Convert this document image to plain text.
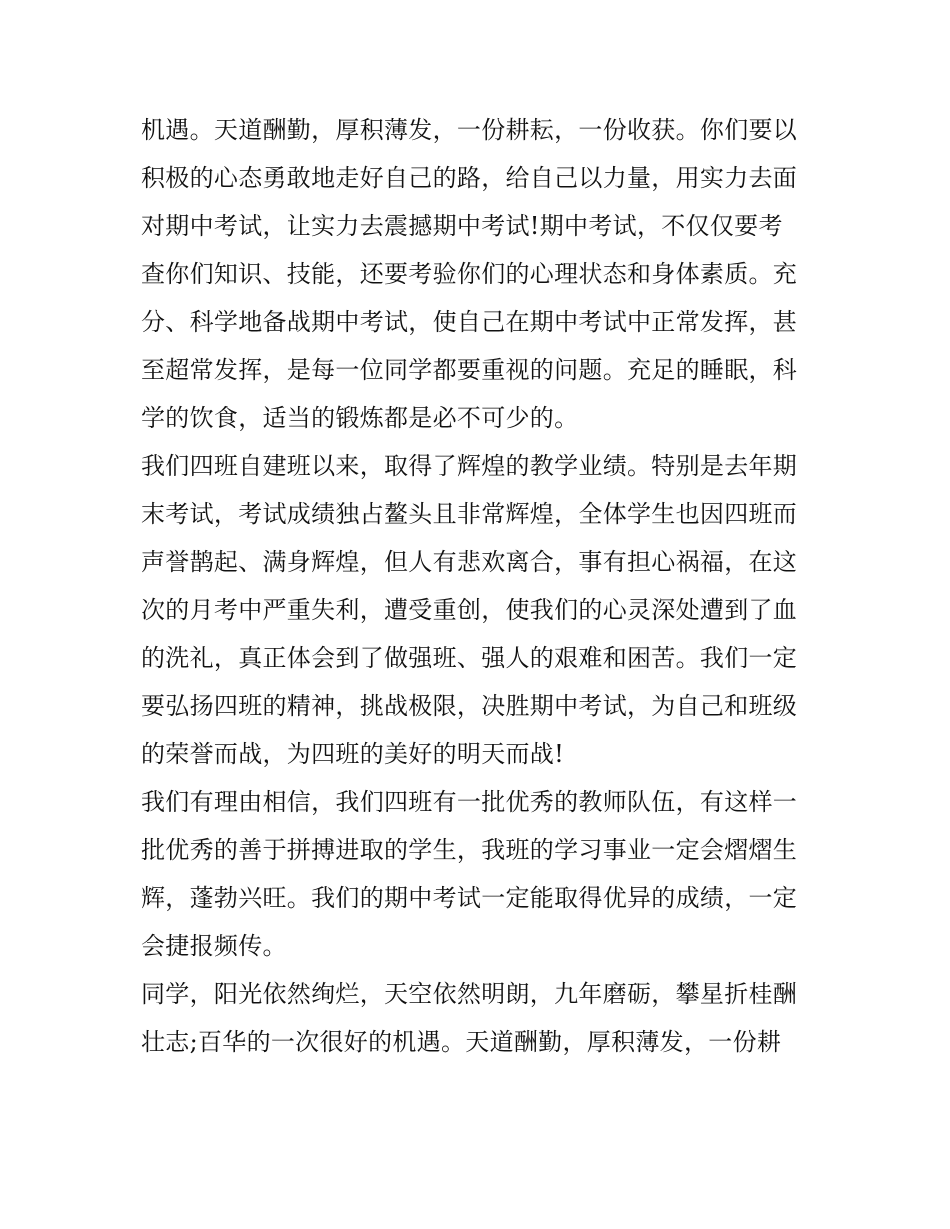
机遇。天道酬勤，厚积薄发，一份耕耘，一份收获。你们要以
积极的心态勇敢地走好自己的路，给自己以力量，用实力去面
对期中考试，让实力去震撼期中考试!期中考试，不仅仅要考
查你们知识、技能，还要考验你们的心理状态和身体素质。充
分、科学地备战期中考试，使自己在期中考试中正常发挥，甚
至超常发挥，是每一位同学都要重视的问题。充足的睡眠，科
学的饮食，适当的锻炼都是必不可少的。
我们四班自建班以来，取得了辉煌的教学业绩。特别是去年期
末考试，考试成绩独占鳌头且非常辉煌，全体学生也因四班而
声誉鹊起、满身辉煌，但人有悲欢离合，事有担心祸福，在这
次的月考中严重失利，遭受重创，使我们的心灵深处遭到了血
的洗礼，真正体会到了做强班、强人的艰难和困苦。我们一定
要弘扬四班的精神，挑战极限，决胜期中考试，为自己和班级
的荣誉而战，为四班的美好的明天而战!
我们有理由相信，我们四班有一批优秀的教师队伍，有这样一
批优秀的善于拼搏进取的学生，我班的学习事业一定会熠熠生
辉，蓬勃兴旺。我们的期中考试一定能取得优异的成绩，一定
会捷报频传。
同学，阳光依然绚烂，天空依然明朗，九年磨砺，攀星折桂酬
壮志;百华的一次很好的机遇。天道酬勤，厚积薄发，一份耕
